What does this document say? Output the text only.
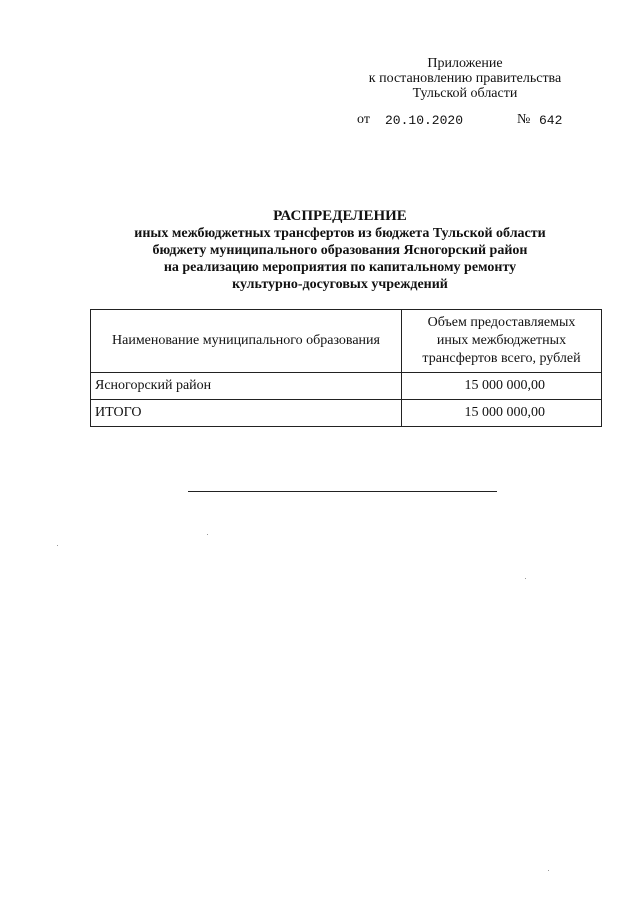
Приложение
к постановлению правительства
Тульской области
от 20.10.2020	№ 642
РАСПРЕДЕЛЕНИЕ
иных межбюджетных трансфертов из бюджета Тульской области
бюджету муниципального образования Ясногорский район
на реализацию мероприятия по капитальному ремонту
культурно-досуговых учреждений
Наименование муниципального образования	Объем предоставляемых
иных межбюджетных
трансфертов всего, рублей

Ясногорский район	15 000 000,00
ИТОГО	15 000 000,00
